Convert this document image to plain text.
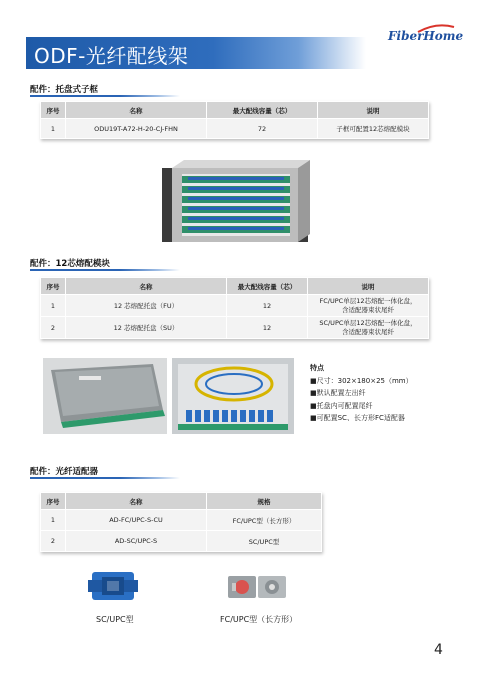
ODF-光纤配线架
FiberHome
配件：托盘式子框
序号	名称	最大配线容量（芯）	说明
1	ODU19T-A72-H-20-CJ-FHN	72	子框可配置12芯熔配模块
配件：12芯熔配模块
序号	名称	最大配线容量（芯）	说明
1	12 芯熔配托盘（FU）	12	FC/UPC单层12芯熔配一体化盘，
含适配器束状尾纤
2	12 芯熔配托盘（SU）	12	SC/UPC单层12芯熔配一体化盘，
含适配器束状尾纤
特点
■尺寸：302×180×25（mm）
■默认配置左出纤
■托盘内可配置尾纤
■可配置SC、长方形FC适配器
配件：光纤适配器
序号	名称	规格
1	AD-FC/UPC-S-CU	FC/UPC型（长方形）
2	AD-SC/UPC-S	SC/UPC型
SC/UPC型	FC/UPC型（长方形）
4
